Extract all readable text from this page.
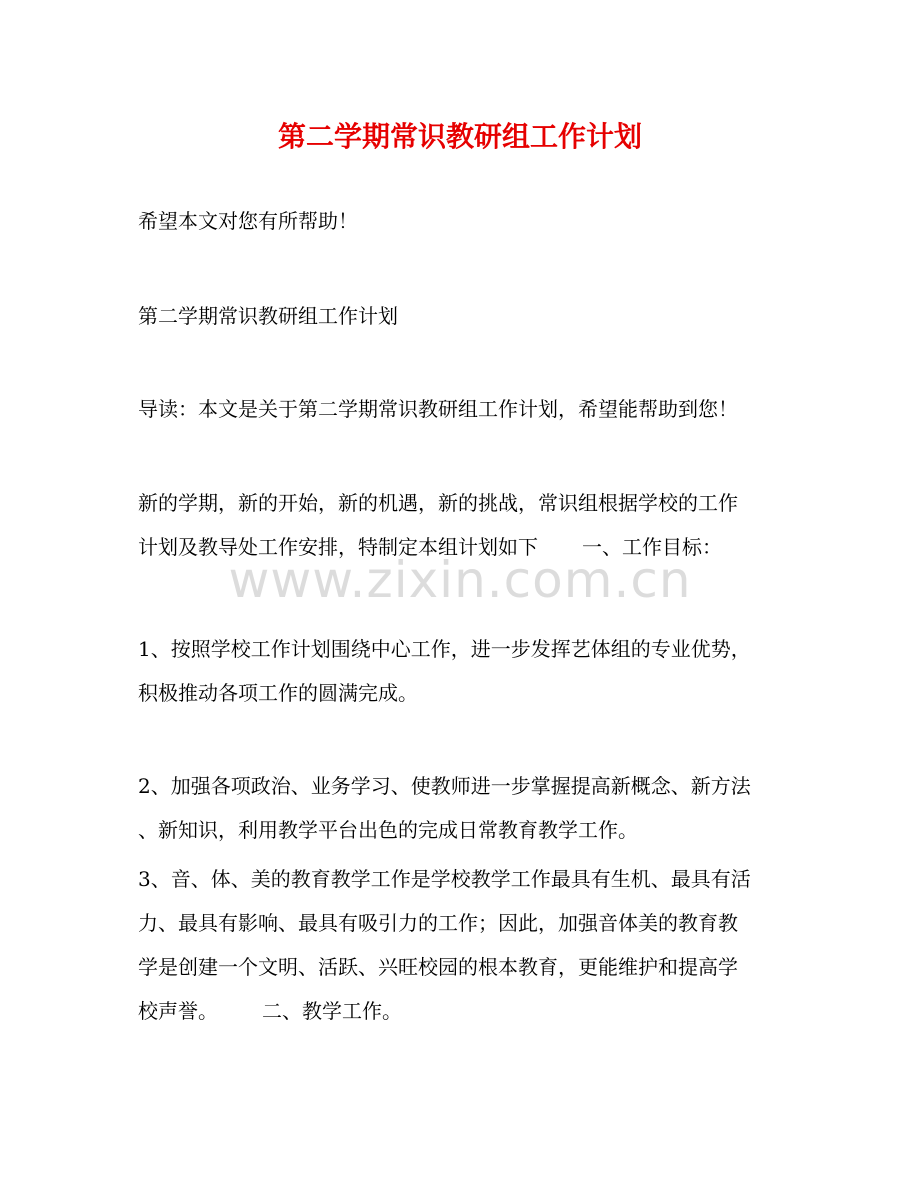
第二学期常识教研组工作计划
www.zixin.com.cn

希望本文对您有所帮助！

第二学期常识教研组工作计划

导读：本文是关于第二学期常识教研组工作计划，希望能帮助到您！

新的学期，新的开始，新的机遇，新的挑战，常识组根据学校的工作
计划及教导处工作安排，特制定本组计划如下 一、工作目标：

1、按照学校工作计划围绕中心工作，进一步发挥艺体组的专业优势，
积极推动各项工作的圆满完成。

2、加强各项政治、业务学习、使教师进一步掌握提高新概念、新方法
、新知识，利用教学平台出色的完成日常教育教学工作。

3、音、体、美的教育教学工作是学校教学工作最具有生机、最具有活
力、最具有影响、最具有吸引力的工作；因此，加强音体美的教育教
学是创建一个文明、活跃、兴旺校园的根本教育，更能维护和提高学
校声誉。 二、教学工作。
